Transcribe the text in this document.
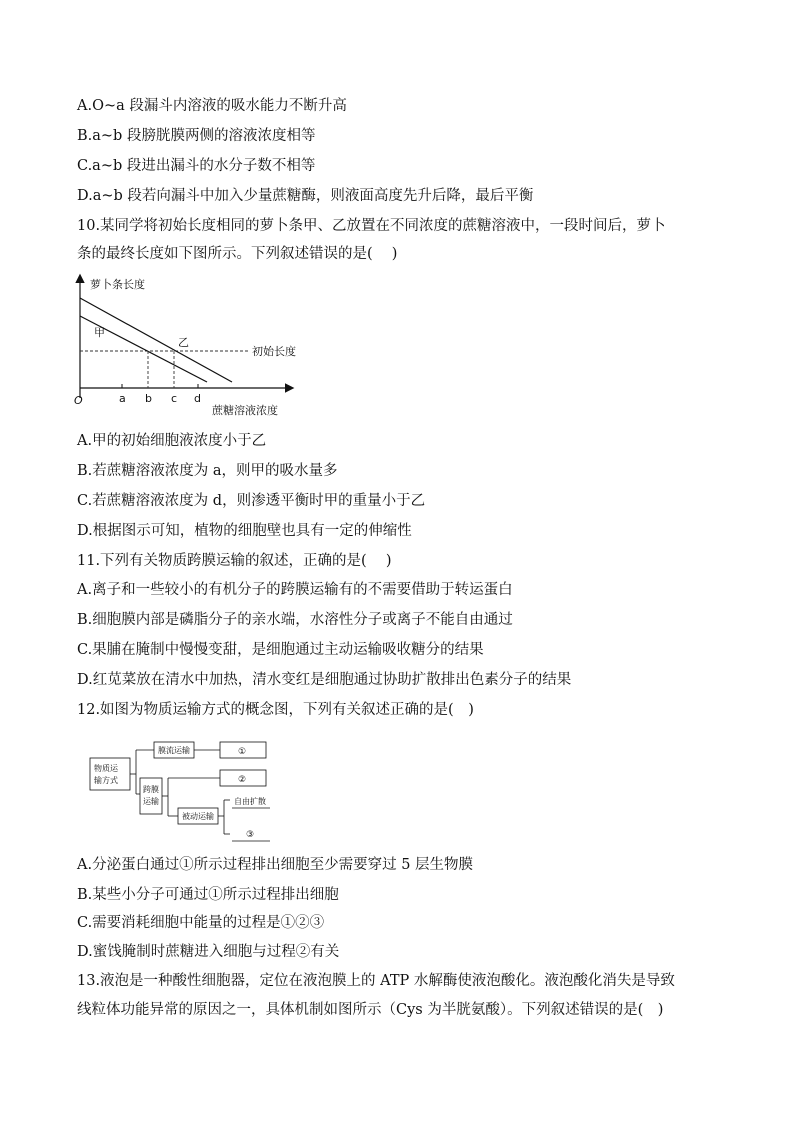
A.O~a 段漏斗内溶液的吸水能力不断升高
B.a~b 段膀胱膜两侧的溶液浓度相等
C.a~b 段进出漏斗的水分子数不相等
D.a~b 段若向漏斗中加入少量蔗糖酶，则液面高度先升后降，最后平衡
10.某同学将初始长度相同的萝卜条甲、乙放置在不同浓度的蔗糖溶液中，一段时间后，萝卜
条的最终长度如下图所示。下列叙述错误的是(　 )
萝卜条长度
蔗糖溶液浓度
O
初始长度
甲
乙
a b c d
A.甲的初始细胞液浓度小于乙
B.若蔗糖溶液浓度为 a，则甲的吸水量多
C.若蔗糖溶液浓度为 d，则渗透平衡时甲的重量小于乙
D.根据图示可知，植物的细胞壁也具有一定的伸缩性
11.下列有关物质跨膜运输的叙述，正确的是(　 )
A.离子和一些较小的有机分子的跨膜运输有的不需要借助于转运蛋白
B.细胞膜内部是磷脂分子的亲水端，水溶性分子或离子不能自由通过
C.果脯在腌制中慢慢变甜，是细胞通过主动运输吸收糖分的结果
D.红苋菜放在清水中加热，清水变红是细胞通过协助扩散排出色素分子的结果
12.如图为物质运输方式的概念图，下列有关叙述正确的是(　)
物质运
输方式
膜流运输	①
跨膜
运输
②
被动运输
自由扩散
③
A.分泌蛋白通过①所示过程排出细胞至少需要穿过 5 层生物膜
B.某些小分子可通过①所示过程排出细胞
C.需要消耗细胞中能量的过程是①②③
D.蜜饯腌制时蔗糖进入细胞与过程②有关
13.液泡是一种酸性细胞器，定位在液泡膜上的 ATP 水解酶使液泡酸化。液泡酸化消失是导致
线粒体功能异常的原因之一，具体机制如图所示（Cys 为半胱氨酸）。下列叙述错误的是(　)
